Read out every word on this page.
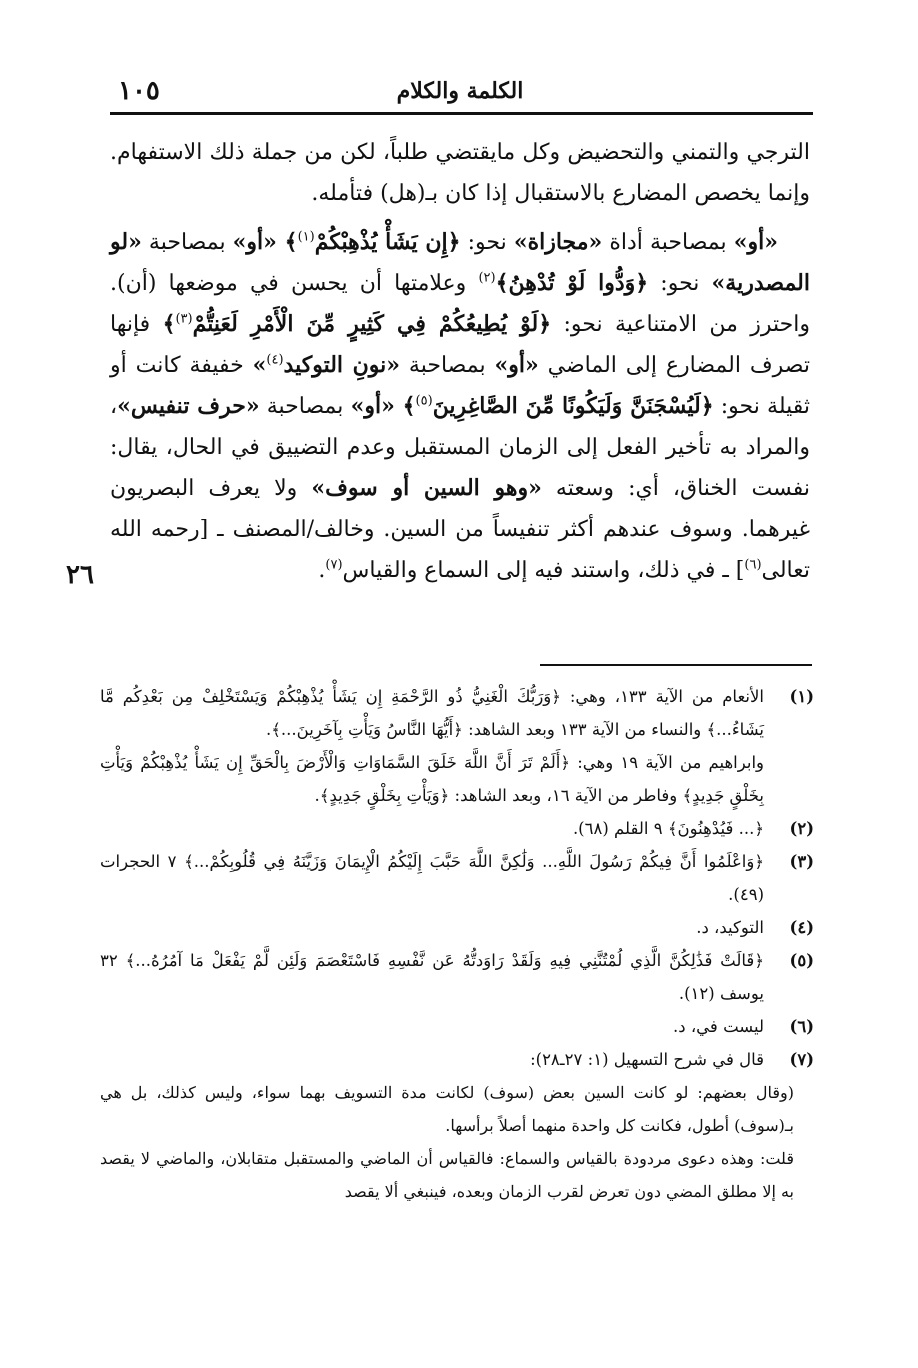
١٠٥	الكلمة والكلام

الترجي والتمني والتحضيض وكل مايقتضي طلباً، لكن من جملة ذلك الاستفهام. وإنما يخصص المضارع بالاستقبال إذا كان بـ(هل) فتأمله.

«أو» بمصاحبة أداة «مجازاة» نحو: ﴿إِن يَشَأْ يُذْهِبْكُمْ$^{(١)}$﴾ «أو» بمصاحبة «لو المصدرية» نحو: ﴿وَدُّوا لَوْ تُدْهِنُ﴾$^{(٢)}$ وعلامتها أن يحسن في موضعها (أن). واحترز من الامتناعية نحو: ﴿لَوْ يُطِيعُكُمْ فِي كَثِيرٍ مِّنَ الْأَمْرِ لَعَنِتُّمْ$^{(٣)}$﴾ فإنها تصرف المضارع إلى الماضي «أو» بمصاحبة «نونِ التوكيد$^{(٤)}$» خفيفة كانت أو ثقيلة نحو: ﴿لَيُسْجَنَنَّ وَلَيَكُونًا مِّنَ الصَّاغِرِينَ$^{(٥)}$﴾ «أو» بمصاحبة «حرف تنفيس»، والمراد به تأخير الفعل إلى الزمان المستقبل وعدم التضييق في الحال، يقال: نفست الخناق، أي: وسعته «وهو السين أو سوف» ولا يعرف البصريون غيرهما. وسوف عندهم أكثر تنفيساً من السين. وخالف/المصنف ـ [رحمه الله تعالى$^{(٦)}$] ـ في ذلك، واستند فيه إلى السماع والقياس$^{(٧)}$.

٢٦
(١)
الأنعام من الآية ١٣٣، وهي: ﴿وَرَبُّكَ الْغَنِيُّ ذُو الرَّحْمَةِ إِن يَشَأْ يُذْهِبْكُمْ وَيَسْتَخْلِفْ مِن بَعْدِكُم مَّا يَشَاءُ...﴾ والنساء من الآية ١٣٣ وبعد الشاهد: ﴿أَيُّهَا النَّاسُ وَيَأْتِ بِآخَرِينَ...﴾.
وابراهيم من الآية ١٩ وهي: ﴿أَلَمْ تَرَ أَنَّ اللَّهَ خَلَقَ السَّمَاوَاتِ وَالْأَرْضَ بِالْحَقِّ إِن يَشَأْ يُذْهِبْكُمْ وَيَأْتِ بِخَلْقٍ جَدِيدٍ﴾ وفاطر من الآية ١٦، وبعد الشاهد: ﴿وَيَأْتِ بِخَلْقٍ جَدِيدٍ﴾.
(٢)
﴿... فَيُدْهِنُونَ﴾ ٩ القلم (٦٨).
(٣)
﴿وَاعْلَمُوا أَنَّ فِيكُمْ رَسُولَ اللَّهِ... وَلَٰكِنَّ اللَّهَ حَبَّبَ إِلَيْكُمُ الْإِيمَانَ وَزَيَّنَهُ فِي قُلُوبِكُمْ...﴾ ٧ الحجرات (٤٩).
(٤)
التوكيد، د.
(٥)
﴿قَالَتْ فَذَٰلِكُنَّ الَّذِي لُمْتُنَّنِي فِيهِ وَلَقَدْ رَاوَدتُّهُ عَن نَّفْسِهِ فَاسْتَعْصَمَ وَلَئِن لَّمْ يَفْعَلْ مَا آمُرُهُ...﴾ ٣٢ يوسف (١٢).
(٦)
ليست في، د.
(٧)
قال في شرح التسهيل (١: ٢٧ـ٢٨):
(وقال بعضهم: لو كانت السين بعض (سوف) لكانت مدة التسويف بهما سواء، وليس كذلك، بل هي بـ(سوف) أطول، فكانت كل واحدة منهما أصلاً برأسها.
قلت: وهذه دعوى مردودة بالقياس والسماع: فالقياس أن الماضي والمستقبل متقابلان، والماضي لا يقصد به إلا مطلق المضي دون تعرض لقرب الزمان وبعده، فينبغي ألا يقصد
